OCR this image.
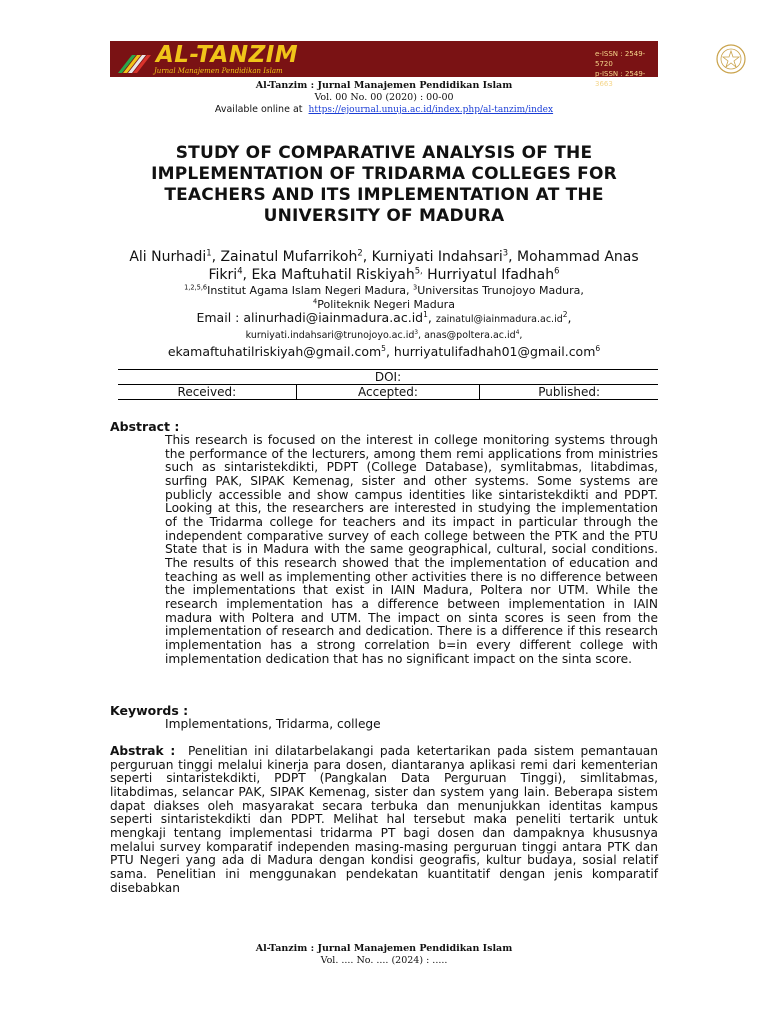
AL-TANZIM
Jurnal Manajemen Pendidikan Islam
e-ISSN : 2549-5720
p-ISSN : 2549-3663
Al-Tanzim : Jurnal Manajemen Pendidikan Islam
Vol. 00 No. 00 (2020) : 00-00
Available online at https://ejournal.unuja.ac.id/index.php/al-tanzim/index
STUDY OF COMPARATIVE ANALYSIS OF THE IMPLEMENTATION OF TRIDARMA COLLEGES FOR TEACHERS AND ITS IMPLEMENTATION AT THE UNIVERSITY OF MADURA
Ali Nurhadi$^1$, Zainatul Mufarrikoh$^2$, Kurniyati Indahsari$^3$, Mohammad Anas Fikri$^4$, Eka Maftuhatil Riskiyah$^{5,}$ Hurriyatul Ifadhah$^6$
$^{1,2,5,6}$Institut Agama Islam Negeri Madura, $^3$Universitas Trunojoyo Madura,
$^4$Politeknik Negeri Madura
Email : $alinurhadi@iainmadura.ac.id^1$, $zainatul@iainmadura.ac.id^2$,
$kurniyati.indahsari@trunojoyo.ac.id^3$, $anas@poltera.ac.id^4$,
ekamaftuhatilriskiyah@gmail.com$^5$, hurriyatulifadhah01@gmail.com$^6$
DOI:
Received:	Accepted:	Published:
Abstract :
This research is focused on the interest in college monitoring systems through the performance of the lecturers, among them remi applications from ministries such as sintaristekdikti, PDPT (College Database), symlitabmas, litabdimas, surfing PAK, SIPAK Kemenag, sister and other systems. Some systems are publicly accessible and show campus identities like sintaristekdikti and PDPT. Looking at this, the researchers are interested in studying the implementation of the Tridarma college for teachers and its impact in particular through the independent comparative survey of each college between the PTK and the PTU State that is in Madura with the same geographical, cultural, social conditions. The results of this research showed that the implementation of education and teaching as well as implementing other activities there is no difference between the implementations that exist in IAIN Madura, Poltera nor UTM. While the research implementation has a difference between implementation in IAIN madura with Poltera and UTM. The impact on sinta scores is seen from the implementation of research and dedication. There is a difference if this research implementation has a strong correlation b=in every different college with implementation dedication that has no significant impact on the sinta score.
Keywords :
Implementations, Tridarma, college
Abstrak : Penelitian ini dilatarbelakangi pada ketertarikan pada sistem pemantauan perguruan tinggi melalui kinerja para dosen, diantaranya aplikasi remi dari kementerian seperti sintaristekdikti, PDPT (Pangkalan Data Perguruan Tinggi), simlitabmas, litabdimas, selancar PAK, SIPAK Kemenag, sister dan system yang lain. Beberapa sistem dapat diakses oleh masyarakat secara terbuka dan menunjukkan identitas kampus seperti sintaristekdikti dan PDPT. Melihat hal tersebut maka peneliti tertarik untuk mengkaji tentang implementasi tridarma PT bagi dosen dan dampaknya khususnya melalui survey komparatif independen masing-masing perguruan tinggi antara PTK dan PTU Negeri yang ada di Madura dengan kondisi geografis, kultur budaya, sosial relatif sama. Penelitian ini menggunakan pendekatan kuantitatif dengan jenis komparatif disebabkan
Al-Tanzim : Jurnal Manajemen Pendidikan Islam
Vol. .... No. .... (2024) : .....
